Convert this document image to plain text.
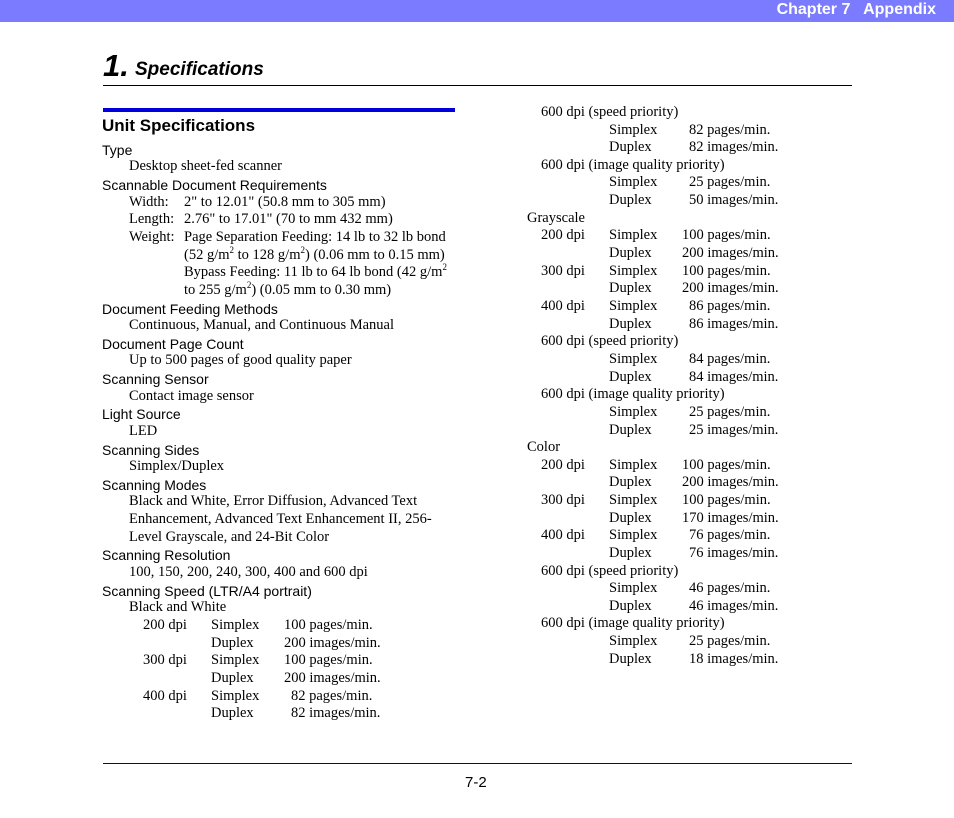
Chapter 7   Appendix
1. Specifications
Unit Specifications
Type
Desktop sheet-fed scanner
Scannable Document Requirements
Width: 2" to 12.01" (50.8 mm to 305 mm)
Length: 2.76" to 17.01" (70 to mm 432 mm)
Weight: Page Separation Feeding: 14 lb to 32 lb bond
(52 $g/m^2$ to 128 $g/m^2$) (0.06 mm to 0.15 mm)
Bypass Feeding: 11 lb to 64 lb bond (42 $g/m^2$
to 255 $g/m^2$) (0.05 mm to 0.30 mm)
Document Feeding Methods
Continuous, Manual, and Continuous Manual
Document Page Count
Up to 500 pages of good quality paper
Scanning Sensor
Contact image sensor
Light Source
LED
Scanning Sides
Simplex/Duplex
Scanning Modes
Black and White, Error Diffusion, Advanced Text
Enhancement, Advanced Text Enhancement II, 256-
Level Grayscale, and 24-Bit Color
Scanning Resolution
100, 150, 200, 240, 300, 400 and 600 dpi
Scanning Speed (LTR/A4 portrait)
Black and White
200 dpi Simplex 100 pages/min.
Duplex 200 images/min.
300 dpi Simplex 100 pages/min.
Duplex 200 images/min.
400 dpi Simplex 82 pages/min.
Duplex	82 images/min.
600 dpi (speed priority)
Simplex 82 pages/min.
Duplex	82 images/min.
600 dpi (image quality priority)
Simplex 25 pages/min.
Duplex	50 images/min.
Grayscale
200 dpi Simplex 100 pages/min.
Duplex 200 images/min.
300 dpi Simplex 100 pages/min.
Duplex 200 images/min.
400 dpi Simplex 86 pages/min.
Duplex	86 images/min.
600 dpi (speed priority)
Simplex 84 pages/min.
Duplex	84 images/min.
600 dpi (image quality priority)
Simplex 25 pages/min.
Duplex	25 images/min.
Color
200 dpi Simplex 100 pages/min.
Duplex 200 images/min.
300 dpi Simplex 100 pages/min.
Duplex 170 images/min.
400 dpi Simplex 76 pages/min.
Duplex	76 images/min.
600 dpi (speed priority)
Simplex 46 pages/min.
Duplex	46 images/min.
600 dpi (image quality priority)
Simplex 25 pages/min.
Duplex	18 images/min.
7-2
